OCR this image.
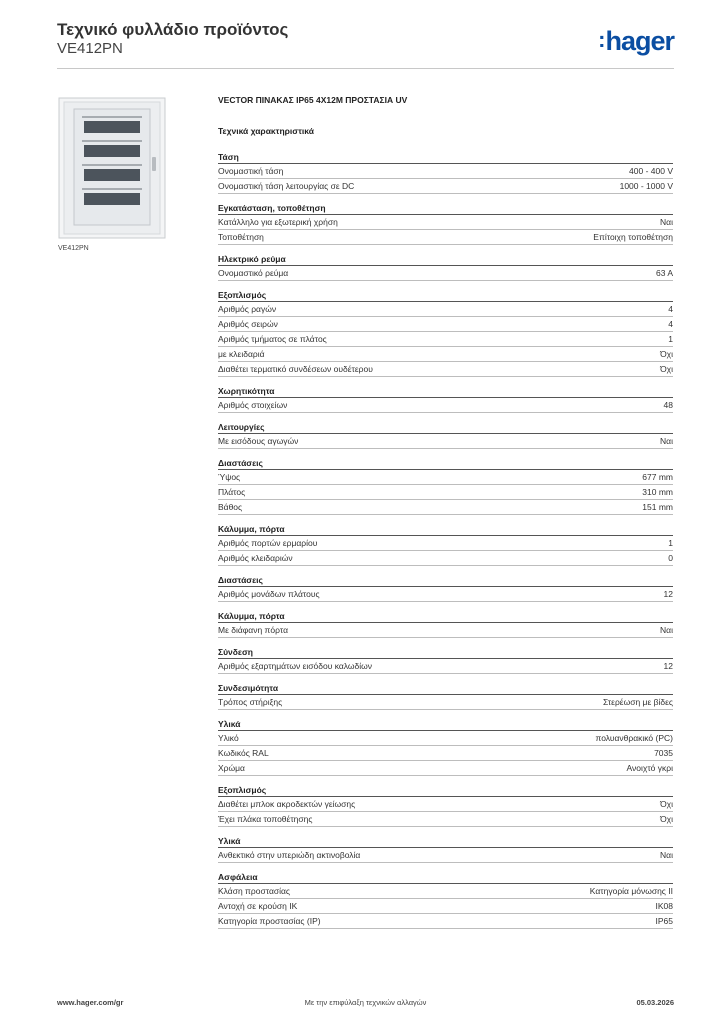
Τεχνικό φυλλάδιο προϊόντος
VE412PN	:hager
VE412PN
VECTOR ΠΙΝΑΚΑΣ IP65 4X12M ΠΡΟΣΤΑΣΙΑ UV
Τεχνικά χαρακτηριστικά
Τάση
Ονομαστική τάση	400 - 400 V
Ονομαστική τάση λειτουργίας σε DC	1000 - 1000 V
Εγκατάσταση, τοποθέτηση
Κατάλληλο για εξωτερική χρήση	Ναι
Τοποθέτηση	Επίτοιχη τοποθέτηση
Ηλεκτρικό ρεύμα
Ονομαστικό ρεύμα	63 A
Εξοπλισμός
Αριθμός ραγών	4
Αριθμός σειρών	4
Αριθμός τμήματος σε πλάτος	1
με κλειδαριά	Όχι
Διαθέτει τερματικό συνδέσεων ουδέτερου	Όχι
Χωρητικότητα
Αριθμός στοιχείων	48
Λειτουργίες
Με εισόδους αγωγών	Ναι
Διαστάσεις
Ύψος	677 mm
Πλάτος	310 mm
Βάθος	151 mm
Κάλυμμα, πόρτα
Αριθμός πορτών ερμαρίου	1
Αριθμός κλειδαριών	0
Διαστάσεις
Αριθμός μονάδων πλάτους	12
Κάλυμμα, πόρτα
Με διάφανη πόρτα	Ναι
Σύνδεση
Αριθμός εξαρτημάτων εισόδου καλωδίων	12
Συνδεσιμότητα
Τρόπος στήριξης	Στερέωση με βίδες
Υλικά
Υλικό	πολυανθρακικό (PC)
Κωδικός RAL	7035
Χρώμα	Ανοιχτό γκρι
Εξοπλισμός
Διαθέτει μπλοκ ακροδεκτών γείωσης	Όχι
Έχει πλάκα τοποθέτησης	Όχι
Υλικά
Ανθεκτικό στην υπεριώδη ακτινοβολία	Ναι
Ασφάλεια
Κλάση προστασίας	Κατηγορία μόνωσης II
Αντοχή σε κρούση IK	IK08
Κατηγορία προστασίας (IP)	IP65
www.hager.com/gr	Με την επιφύλαξη τεχνικών αλλαγών	05.03.2026
